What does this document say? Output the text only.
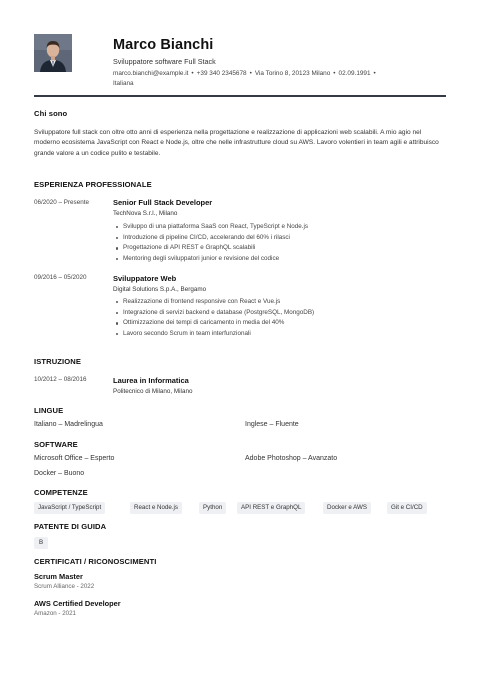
Marco Bianchi
Sviluppatore software Full Stack
marco.bianchi@example.it • +39 340 2345678 • Via Torino 8, 20123 Milano • 02.09.1991 •
Italiana
Chi sono
Sviluppatore full stack con oltre otto anni di esperienza nella progettazione e realizzazione di applicazioni web scalabili. A mio agio nel moderno ecosistema JavaScript con React e Node.js, oltre che nelle infrastrutture cloud su AWS. Lavoro volentieri in team agili e attribuisco grande valore a un codice pulito e testabile.
ESPERIENZA PROFESSIONALE
06/2020 – Presente	Senior Full Stack Developer
TechNova S.r.l., Milano
Sviluppo di una piattaforma SaaS con React, TypeScript e Node.js
Introduzione di pipeline CI/CD, accelerando del 60% i rilasci
Progettazione di API REST e GraphQL scalabili
Mentoring degli sviluppatori junior e revisione del codice
09/2016 – 05/2020	Sviluppatore Web
Digital Solutions S.p.A., Bergamo
Realizzazione di frontend responsive con React e Vue.js
Integrazione di servizi backend e database (PostgreSQL, MongoDB)
Ottimizzazione dei tempi di caricamento in media del 40%
Lavoro secondo Scrum in team interfunzionali
ISTRUZIONE
10/2012 – 08/2016	Laurea in Informatica
Politecnico di Milano, Milano
LINGUE
Italiano – Madrelingua	Inglese – Fluente
SOFTWARE
Microsoft Office – Esperto	Adobe Photoshop – Avanzato
Docker – Buono
COMPETENZE
JavaScript / TypeScript	React e Node.js	Python	API REST e GraphQL	Docker e AWS	Git e CI/CD
PATENTE DI GUIDA
B
CERTIFICATI / RICONOSCIMENTI
Scrum Master
Scrum Alliance - 2022
AWS Certified Developer
Amazon - 2021
